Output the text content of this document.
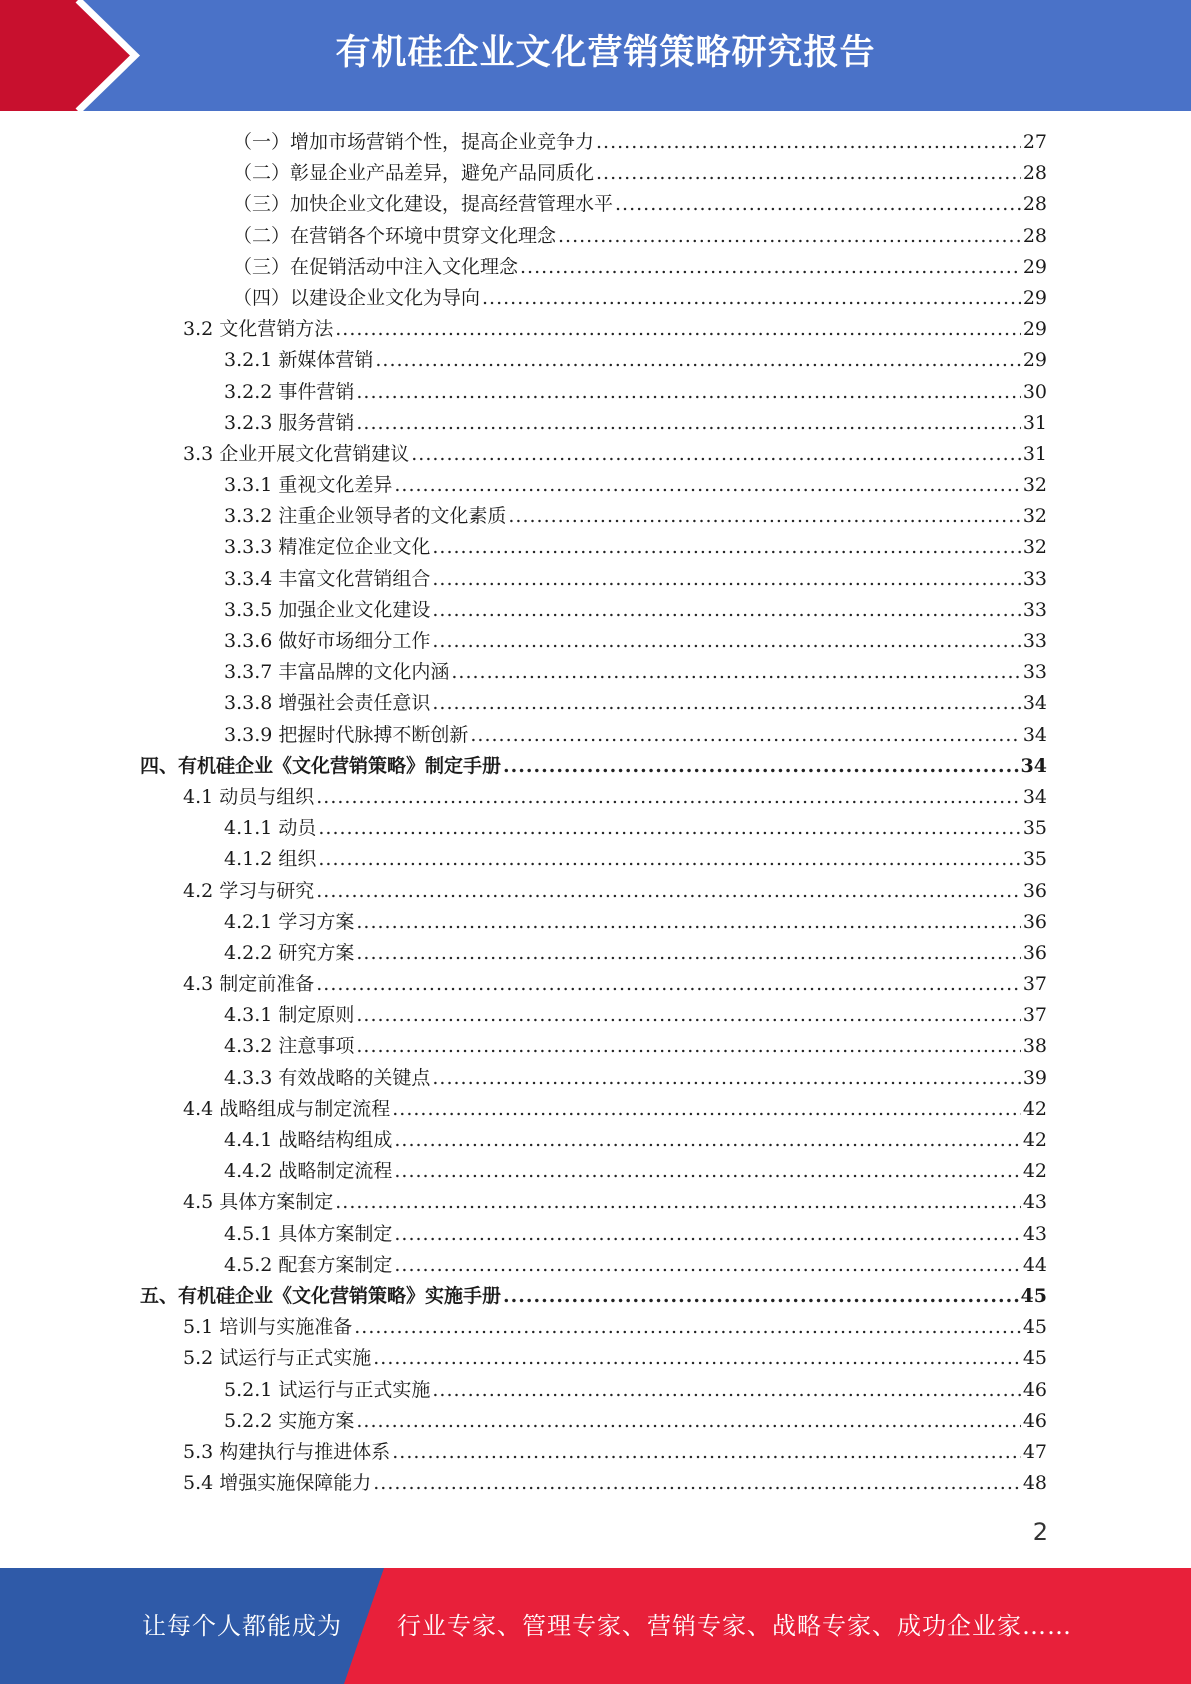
有机硅企业文化营销策略研究报告
（一）增加市场营销个性，提高企业竞争力 .....	27
（二）彰显企业产品差异，避免产品同质化 .....	28
（三）加快企业文化建设，提高经营管理水平 .....	28
（二）在营销各个环境中贯穿文化理念 .....	28
（三）在促销活动中注入文化理念 .....	29
（四）以建设企业文化为导向 .....	29
3.2 文化营销方法 .....	29
3.2.1 新媒体营销 .....	29
3.2.2 事件营销 .....	30
3.2.3 服务营销 .....	31
3.3 企业开展文化营销建议 .....	31
3.3.1 重视文化差异 .....	32
3.3.2 注重企业领导者的文化素质 .....	32
3.3.3 精准定位企业文化 .....	32
3.3.4 丰富文化营销组合 .....	33
3.3.5 加强企业文化建设 .....	33
3.3.6 做好市场细分工作 .....	33
3.3.7 丰富品牌的文化内涵 .....	33
3.3.8 增强社会责任意识 .....	34
3.3.9 把握时代脉搏不断创新 .....	34
四、有机硅企业《文化营销策略》制定手册 .....	34
4.1 动员与组织 .....	34
4.1.1 动员 .....	35
4.1.2 组织 .....	35
4.2 学习与研究 .....	36
4.2.1 学习方案 .....	36
4.2.2 研究方案 .....	36
4.3 制定前准备 .....	37
4.3.1 制定原则 .....	37
4.3.2 注意事项 .....	38
4.3.3 有效战略的关键点 .....	39
4.4 战略组成与制定流程 .....	42
4.4.1 战略结构组成 .....	42
4.4.2 战略制定流程 .....	42
4.5 具体方案制定 .....	43
4.5.1 具体方案制定 .....	43
4.5.2 配套方案制定 .....	44
五、有机硅企业《文化营销策略》实施手册 .....	45
5.1 培训与实施准备 .....	45
5.2 试运行与正式实施 .....	45
5.2.1 试运行与正式实施 .....	46
5.2.2 实施方案 .....	46
5.3 构建执行与推进体系 .....	47
5.4 增强实施保障能力 .....	48
2
让每个人都能成为 行业专家、管理专家、营销专家、战略专家、成功企业家……
